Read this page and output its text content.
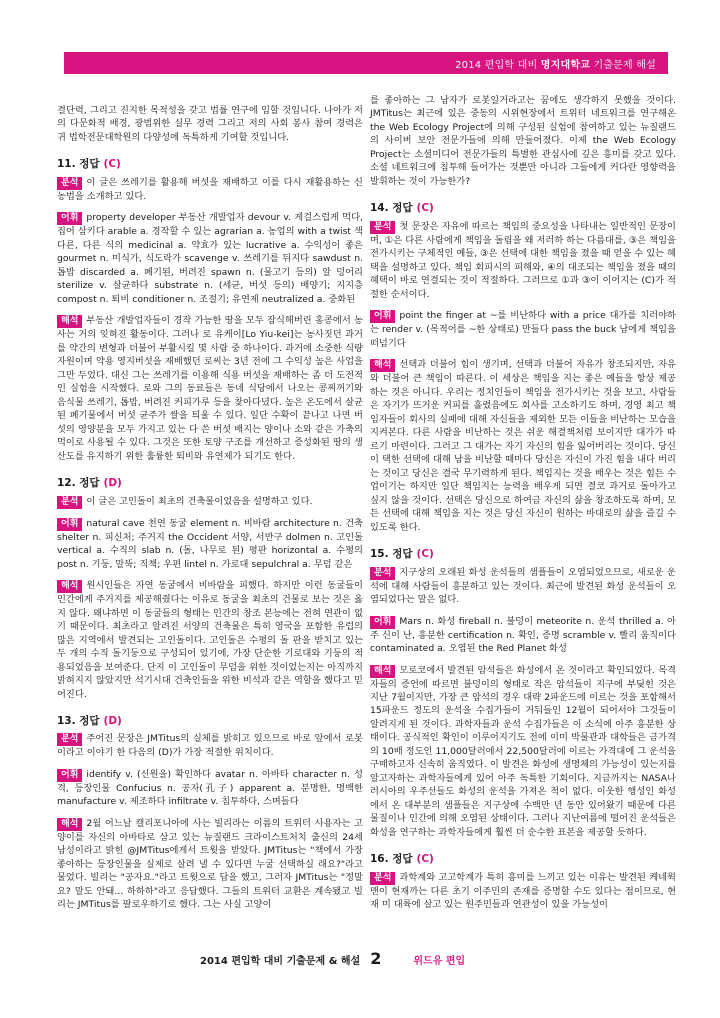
2014 편입학 대비 명지대학교 기출문제 해설

결단력, 그리고 진지한 목적성을 갖고 법률 연구에 임할 것입니다. 나아가 저의 다문화적 배경, 광범위한 실무 경력 그리고 저의 사회 봉사 참여 경력은 귀 법학전문대학원의 다양성에 독특하게 기여할 것입니다.

11. 정답 (C)

분석 이 글은 쓰레기를 활용해 버섯을 재배하고 이를 다시 재활용하는 신농법을 소개하고 있다.

어휘 property developer 부동산 개발업자 devour v. 게걸스럽게 먹다, 집어 삼키다 arable a. 경작할 수 있는 agrarian a. 농업의 with a twist 색다른, 다른 식의 medicinal a. 약효가 있는 lucrative a. 수익성이 좋은 gourmet n. 미식가, 식도락가 scavenge v. 쓰레기를 뒤지다 sawdust n. 톱밥 discarded a. 폐기된, 버려진 spawn n. (물고기 등의) 알 덩어리 sterilize v. 살균하다 substrate n. (세균, 버섯 등의) 배양기; 지지층 compost n. 퇴비 conditioner n. 조절기; 유연제 neutralized a. 중화된

해석 부동산 개발업자들이 경작 가능한 땅을 모두 잠식해버린 홍콩에서 농사는 거의 잊혀진 활동이다. 그러나 로 유케이[Lo Yiu-kei]는 농사짓던 과거를 약간의 변형과 더불어 부활시킬 몇 사람 중 하나이다. 과거에 소중한 식량자원이며 약용 영지버섯을 재배했던 로씨는 3년 전에 그 수익성 높은 사업을 그만 두었다. 대신 그는 쓰레기를 이용해 식용 버섯을 재배하는 좀 더 도전적인 실험을 시작했다. 로와 그의 동료들은 동네 식당에서 나오는 콩찌꺼기와 음식물 쓰레기, 톱밥, 버려진 커피가루 등을 찾아다녔다. 높은 온도에서 살균된 폐기물에서 버섯 균주가 쌀을 틔울 수 있다. 일단 수확이 끝나고 나면 버섯의 영양분을 모두 가지고 있는 다 쓴 버섯 배지는 양이나 소와 같은 가축의 먹이로 사용될 수 있다. 그것은 또한 토양 구조를 개선하고 증성화된 땅의 생산도를 유지하기 위한 훌륭한 퇴비와 유연제가 되기도 한다.

12. 정답 (D)

분석 이 글은 고인돌이 최초의 건축물이었음을 설명하고 있다.

어휘 natural cave 천연 동굴 element n. 비바람 architecture n. 건축 shelter n. 피신처; 주거지 the Occident 서양, 서반구 dolmen n. 고인돌 vertical a. 수직의 slab n. (돌, 나무로 된) 평판 horizontal a. 수평의 post n. 기둥, 말뚝; 직책; 우편 lintel n. 가로대 sepulchral a. 무덤 같은

해석 원시인들은 자연 동굴에서 비바람을 피했다. 하지만 이런 동굴들이 인간에게 주거지를 제공해줬다는 이유로 동굴을 최초의 건물로 보는 것은 옳지 않다. 왜냐하면 이 동굴들의 형태는 인간의 창조 본능에는 전혀 연관이 없기 때문이다. 최초라고 알려진 서양의 건축물은 특히 영국을 포함한 유럽의 많은 지역에서 발견되는 고인돌이다. 고인돌은 수평의 돌 판을 받치고 있는 두 개의 수직 돌기둥으로 구성되어 있기에, 가장 단순한 기로대와 기둥의 적용되었음을 보여준다. 단지 이 고인돌이 무덤을 위한 것이었는지는 아직까지 밝혀지지 않았지만 석기시대 건축인들을 위한 비석과 같은 역할을 했다고 믿어진다.

13. 정답 (D)

분석 주어진 문장은 JMTitus의 실체를 밝히고 있으므로 바로 앞에서 로봇이라고 이야기 한 다음의 (D)가 가장 적절한 위치이다.

어휘 identify v. (신원을) 확인하다 avatar n. 아바타 character n. 성격, 등장인물 Confucius n. 공자(孔子) apparent a. 분명한, 명백한 manufacture v. 제조하다 infiltrate v. 침투하다, 스며들다

해석 2월 어느날 캘리포니아에 사는 빌리라는 이름의 트위터 사용자는 고양이를 자신의 아바타로 삼고 있는 뉴질랜드 크라이스트처치 출신의 24세 남성이라고 밝힌 @JMTitus에게서 트윗을 받았다. JMTitus는 "책에서 가장 좋아하는 등장인물을 실제로 살려 낼 수 있다면 누굴 선택하실 래요?"라고 물었다. 빌리는 "공자요."라고 트윗으로 답을 했고, 그러자 JMTitus는 "정말요? 말도 안돼... 하하하"라고 응답했다. 그들의 트위터 교환은 계속됐고 빌리는 JMTitus를 팔로우하기로 했다. 그는 사실 고양이

를 좋아하는 그 남자가 로봇일거라고는 꿈에도 생각하지 못했을 것이다. JMTitus는 최근에 있은 중동의 시위현장에서 트위터 네트워크를 연구해온 the Web Ecology Project에 의해 구성된 실험에 참여하고 있는 뉴질랜드의 사이버 보안 전문가들에 의해 만들어졌다. 이제 the Web Ecology Project는 소셜미디어 전문가들의 특별한 관심사에 깊은 흥미를 갖고 있다. 소셜 네트워크에 침투해 들어가는 것뿐만 아니라 그들에게 커다란 영향력을 발휘하는 것이 가능한가?

14. 정답 (C)

분석 첫 문장은 자유에 따르는 책임의 중요성을 나타내는 일반적인 문장이며, ①은 다른 사람에게 책임을 돌림을 왜 저러하 하는 다름대를, ③은 책임을 전가시키는 구체적인 예들, ③은 선택에 대한 책임을 졌을 때 얻을 수 있는 혜택을 설명하고 있다. 책임 회피시의 피해와, ④의 대조되는 책임을 졌을 때의 혜택이 바로 연결되는 것이 적절하다. 그러므로 ①과 ③이 이어지는 (C)가 적절한 순서이다.

어휘 point the finger at ~를 비난하다 with a price 대가를 치러야하는 render v. (목적어를 ~한 상태로) 만들다 pass the buck 남에게 책임을 떠넘기다

해석 선택과 더불어 힘이 생기며, 선택과 더불어 자유가 창조되지만, 자유와 더불어 큰 책임이 따른다. 이 세상은 책임을 지는 좋은 예들을 항상 제공하는 것은 아니다. 우리는 정치인들이 책임을 전가시키는 것을 보고, 사람들은 자기가 뜨거운 커피를 흘렸음에도 회사를 고소하기도 하며, 경영 최고 책임자들이 회사의 실패에 대해 자신들을 제외한 모든 이들을 비난하는 모습을 지켜본다. 다른 사람을 비난하는 것은 쉬운 해결책처럼 보이지만 대가가 따르기 마련이다. 그러고 그 대가는 자기 자신의 힘을 잃어버리는 것이다. 당신이 택한 선택에 대해 남을 비난할 때마다 당신은 자신이 가진 힘을 내다 버리는 것이고 당신은 결국 무기력하게 된다. 책임지는 것을 배우는 것은 힘든 수업이기는 하지만 일단 책임지는 능력을 배우게 되면 결코 과거로 돌아가고 싶지 않을 것이다. 선택은 당신으로 하여금 자신의 삶을 창조하도록 하며, 모든 선택에 대해 책임을 지는 것은 당신 자신이 원하는 바대로의 삶을 즐길 수 있도록 한다.

15. 정답 (C)

분석 지구상의 오래된 화성 운석들의 샘플들이 오염되었으므로, 새로운 운석에 대해 사람들이 흥분하고 있는 것이다. 최근에 발견된 화성 운석들이 오염되었다는 말은 없다.

어휘 Mars n. 화성 fireball n. 불덩이 meteorite n. 운석 thrilled a. 아주 신이 난, 흥분한 certification n. 확인, 증명 scramble v. 빨리 움직이다 contaminated a. 오염된 the Red Planet 화성

해석 모로코에서 발견된 암석들은 화성에서 온 것이라고 확인되었다. 목격자들의 증언에 따르면 불덩이의 형태로 작은 암석들이 지구에 부딪힌 것은 지난 7월이지만, 가장 큰 암석의 경우 대략 2파운드에 이르는 것을 포함해서 15파운드 정도의 운석을 수집가들이 거둬들인 12월이 되어서야 그것들이 알려지게 된 것이다. 과학자들과 운석 수집가들은 이 소식에 아주 흥분한 상태이다. 공식적인 확인이 이루어지기도 전에 이미 박물관과 대학들은 금가격의 10배 정도인 11,000달러에서 22,500달러에 이르는 가격대에 그 운석을 구매하고자 신속히 움직였다. 이 발견은 화성에 생명체의 가능성이 있는지를 알고자하는 과학자들에게 있어 아주 독특한 기회이다. 지금까지는 NASA나 러시아의 우주선들도 화성의 운석을 가져온 적이 없다. 이웃한 행성인 화성에서 온 대부분의 샘플들은 지구상에 수백만 년 동안 있어왔기 때문에 다른 물질이나 인간에 의해 오염된 상태이다. 그러나 지난여름에 떨어진 운석들은 화성을 연구하는 과학자들에게 훨씬 더 순수한 표본을 제공할 듯하다.

16. 정답 (C)

분석 과학계와 고고학계가 특히 흥미를 느끼고 있는 이유는 발견된 케네윅 맨이 현재까는 다른 초기 이주민의 존재를 증명할 수도 있다는 점이므로, 현재 미 대륙에 살고 있는 원주민들과 연관성이 있을 가능성이

2014 편입학 대비 기출문제 & 해설 2	위드유 편입
